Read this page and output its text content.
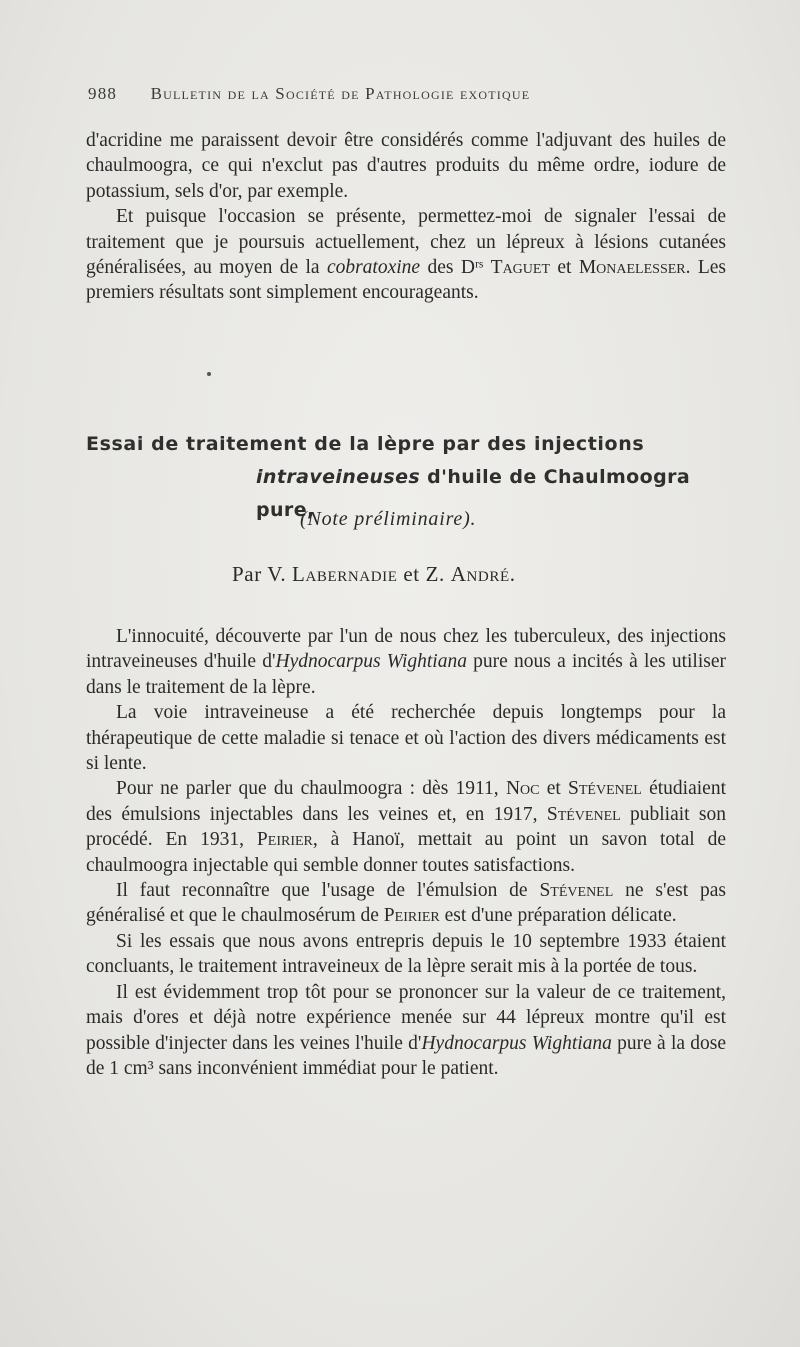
988 Bulletin de la Société de Pathologie exotique

d'acridine me paraissent devoir être considérés comme l'adjuvant des huiles de chaulmoogra, ce qui n'exclut pas d'autres produits du même ordre, iodure de potassium, sels d'or, par exemple.

Et puisque l'occasion se présente, permettez-moi de signaler l'essai de traitement que je poursuis actuellement, chez un lépreux à lésions cutanées généralisées, au moyen de la cobratoxine des Dʳˢ Taguet et Monaelesser. Les premiers résultats sont simplement encourageants.

Essai de traitement de la lèpre par des injections
intraveineuses d'huile de Chaulmoogra pure,
(Note préliminaire).
Par V. Labernadie et Z. André.

L'innocuité, découverte par l'un de nous chez les tuberculeux, des injections intraveineuses d'huile d'Hydnocarpus Wightiana pure nous a incités à les utiliser dans le traitement de la lèpre.

La voie intraveineuse a été recherchée depuis longtemps pour la thérapeutique de cette maladie si tenace et où l'action des divers médicaments est si lente.

Pour ne parler que du chaulmoogra : dès 1911, Noc et Stévenel étudiaient des émulsions injectables dans les veines et, en 1917, Stévenel publiait son procédé. En 1931, Peirier, à Hanoï, mettait au point un savon total de chaulmoogra injectable qui semble donner toutes satisfactions.

Il faut reconnaître que l'usage de l'émulsion de Stévenel ne s'est pas généralisé et que le chaulmosérum de Peirier est d'une préparation délicate.

Si les essais que nous avons entrepris depuis le 10 septembre 1933 étaient concluants, le traitement intraveineux de la lèpre serait mis à la portée de tous.

Il est évidemment trop tôt pour se prononcer sur la valeur de ce traitement, mais d'ores et déjà notre expérience menée sur 44 lépreux montre qu'il est possible d'injecter dans les veines l'huile d'Hydnocarpus Wightiana pure à la dose de 1 cm³ sans inconvénient immédiat pour le patient.
